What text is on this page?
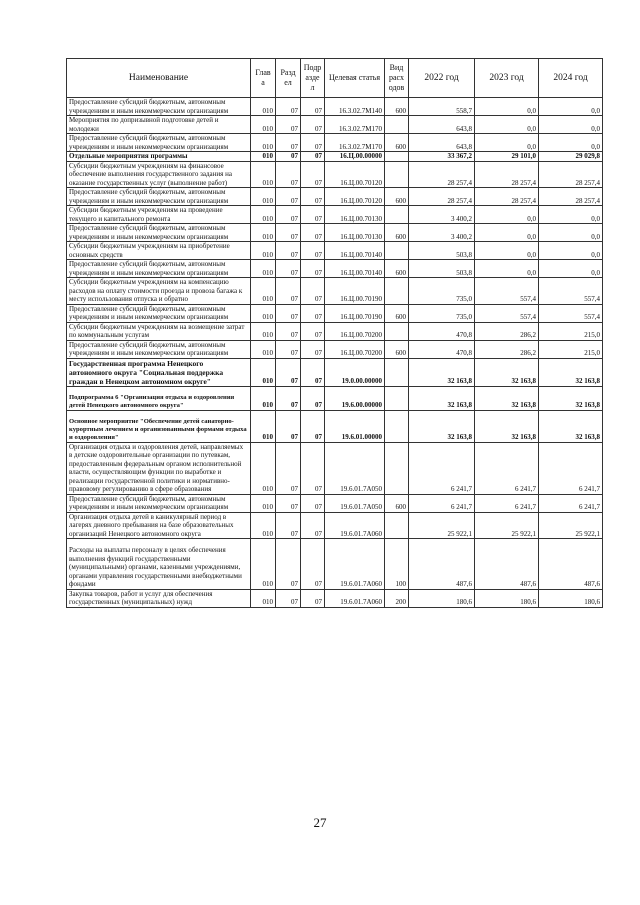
Наименование	Глав а	Разд ел	Подр азде л	Целевая статья	Вид расх одов	2022 год	2023 год	2024 год
Предоставление субсидий бюджетным, автономным учреждениям и иным некоммерческим организациям	010	07	07	16.3.02.7М140	600	558,7	0,0	0,0
Мероприятия по допризывной подготовке детей и молодежи	010	07	07	16.3.02.7М170		643,8	0,0	0,0
Предоставление субсидий бюджетным, автономным учреждениям и иным некоммерческим организациям	010	07	07	16.3.02.7М170	600	643,8	0,0	0,0
Отдельные мероприятия программы	010	07	07	16.Ц.00.00000		33 367,2	29 101,0	29 029,8
Субсидии бюджетным учреждениям на финансовое обеспечение выполнения государственного задания на оказание государственных услуг (выполнение работ)	010	07	07	16.Ц.00.70120		28 257,4	28 257,4	28 257,4
Предоставление субсидий бюджетным, автономным учреждениям и иным некоммерческим организациям	010	07	07	16.Ц.00.70120	600	28 257,4	28 257,4	28 257,4
Субсидии бюджетным учреждениям на проведение текущего и капитального ремонта	010	07	07	16.Ц.00.70130		3 400,2	0,0	0,0
Предоставление субсидий бюджетным, автономным учреждениям и иным некоммерческим организациям	010	07	07	16.Ц.00.70130	600	3 400,2	0,0	0,0
Субсидии бюджетным учреждениям на приобретение основных средств	010	07	07	16.Ц.00.70140		503,8	0,0	0,0
Предоставление субсидий бюджетным, автономным учреждениям и иным некоммерческим организациям	010	07	07	16.Ц.00.70140	600	503,8	0,0	0,0
Субсидии бюджетным учреждениям на компенсацию расходов на оплату стоимости проезда и провоза багажа к месту использования отпуска и обратно	010	07	07	16.Ц.00.70190		735,0	557,4	557,4
Предоставление субсидий бюджетным, автономным учреждениям и иным некоммерческим организациям	010	07	07	16.Ц.00.70190	600	735,0	557,4	557,4
Субсидии бюджетным учреждениям на возмещение затрат по коммунальным услугам	010	07	07	16.Ц.00.70200		470,8	286,2	215,0
Предоставление субсидий бюджетным, автономным учреждениям и иным некоммерческим организациям	010	07	07	16.Ц.00.70200	600	470,8	286,2	215,0
Государственная программа Ненецкого автономного округа "Социальная поддержка граждан в Ненецком автономном округе"	010	07	07	19.0.00.00000		32 163,8	32 163,8	32 163,8
Подпрограмма 6 "Организация отдыха и оздоровления детей Ненецкого автономного округа"	010	07	07	19.6.00.00000		32 163,8	32 163,8	32 163,8
Основное мероприятие "Обеспечение детей санаторно-курортным лечением и организованными формами отдыха и оздоровления"	010	07	07	19.6.01.00000		32 163,8	32 163,8	32 163,8
Организация отдыха и оздоровления детей, направляемых в детские оздоровительные организации по путевкам, предоставленным федеральным органом исполнительной власти, осуществляющим функции по выработке и реализации государственной политики и нормативно-правовому регулированию в сфере образования	010	07	07	19.6.01.7А050		6 241,7	6 241,7	6 241,7
Предоставление субсидий бюджетным, автономным учреждениям и иным некоммерческим организациям	010	07	07	19.6.01.7А050	600	6 241,7	6 241,7	6 241,7
Организация отдыха детей в каникулярный период в лагерях дневного пребывания на базе образовательных организаций Ненецкого автономного округа	010	07	07	19.6.01.7А060		25 922,1	25 922,1	25 922,1
Расходы на выплаты персоналу в целях обеспечения выполнения функций государственными (муниципальными) органами, казенными учреждениями, органами управления государственными внебюджетными фондами	010	07	07	19.6.01.7А060	100	487,6	487,6	487,6
Закупка товаров, работ и услуг для обеспечения государственных (муниципальных) нужд	010	07	07	19.6.01.7А060	200	180,6	180,6	180,6
27
